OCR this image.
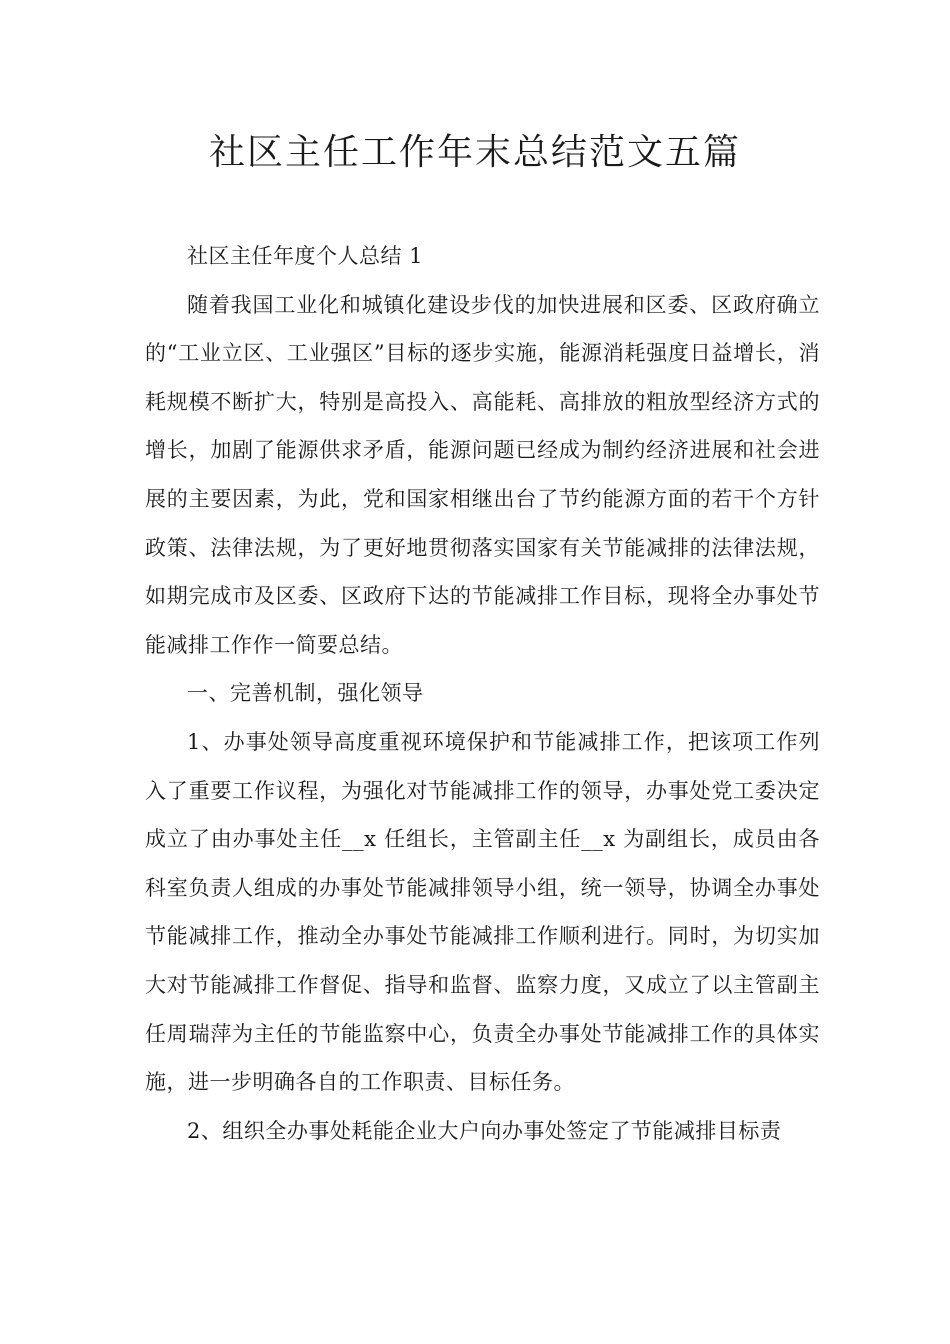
社区主任工作年末总结范文五篇

社区主任年度个人总结 1

随着我国工业化和城镇化建设步伐的加快进展和区委、区政府确立的“工业立区、工业强区”目标的逐步实施，能源消耗强度日益增长，消耗规模不断扩大，特别是高投入、高能耗、高排放的粗放型经济方式的增长，加剧了能源供求矛盾，能源问题已经成为制约经济进展和社会进展的主要因素，为此，党和国家相继出台了节约能源方面的若干个方针政策、法律法规，为了更好地贯彻落实国家有关节能减排的法律法规，如期完成市及区委、区政府下达的节能减排工作目标，现将全办事处节能减排工作作一简要总结。

一、完善机制，强化领导

1、办事处领导高度重视环境保护和节能减排工作，把该项工作列入了重要工作议程，为强化对节能减排工作的领导，办事处党工委决定成立了由办事处主任__x 任组长，主管副主任__x 为副组长，成员由各科室负责人组成的办事处节能减排领导小组，统一领导，协调全办事处节能减排工作，推动全办事处节能减排工作顺利进行。同时，为切实加大对节能减排工作督促、指导和监督、监察力度，又成立了以主管副主任周瑞萍为主任的节能监察中心，负责全办事处节能减排工作的具体实施，进一步明确各自的工作职责、目标任务。

2、组织全办事处耗能企业大户向办事处签定了节能减排目标责
